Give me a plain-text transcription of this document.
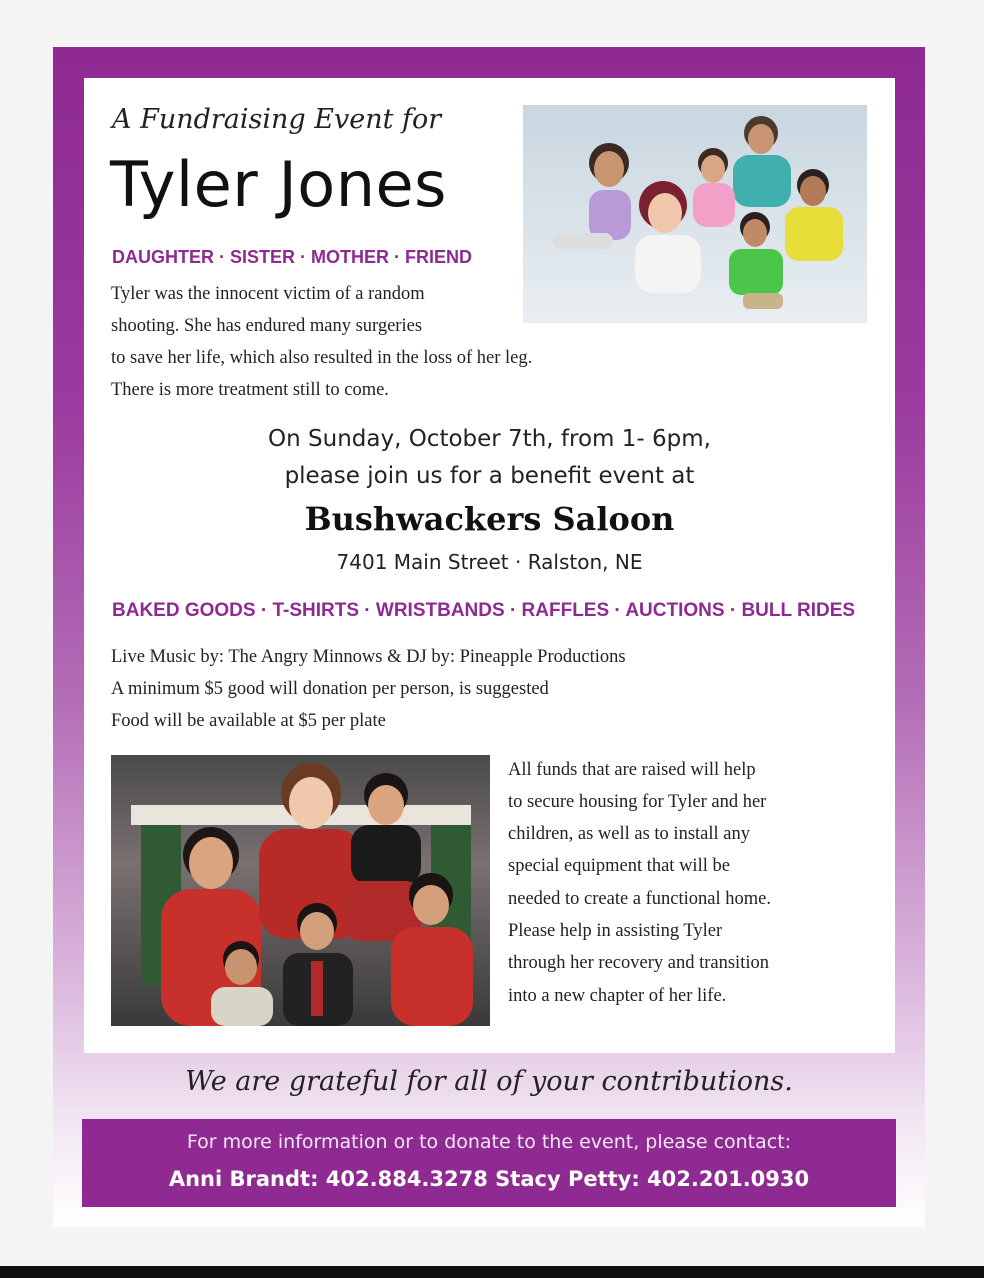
A Fundraising Event for
Tyler Jones
DAUGHTER · SISTER · MOTHER · FRIEND
Tyler was the innocent victim of a random
shooting. She has endured many surgeries
to save her life, which also resulted in the loss of her leg.
There is more treatment still to come.
On Sunday, October 7th, from 1- 6pm,
please join us for a benefit event at
Bushwackers Saloon
7401 Main Street · Ralston, NE
BAKED GOODS · T-SHIRTS · WRISTBANDS · RAFFLES · AUCTIONS · BULL RIDES
Live Music by: The Angry Minnows & DJ by: Pineapple Productions
A minimum $5 good will donation per person, is suggested
Food will be available at $5 per plate
All funds that are raised will help
to secure housing for Tyler and her
children, as well as to install any
special equipment that will be
needed to create a functional home.
Please help in assisting Tyler
through her recovery and transition
into a new chapter of her life.
We are grateful for all of your contributions.
For more information or to donate to the event, please contact:
Anni Brandt: 402.884.3278 Stacy Petty: 402.201.0930
